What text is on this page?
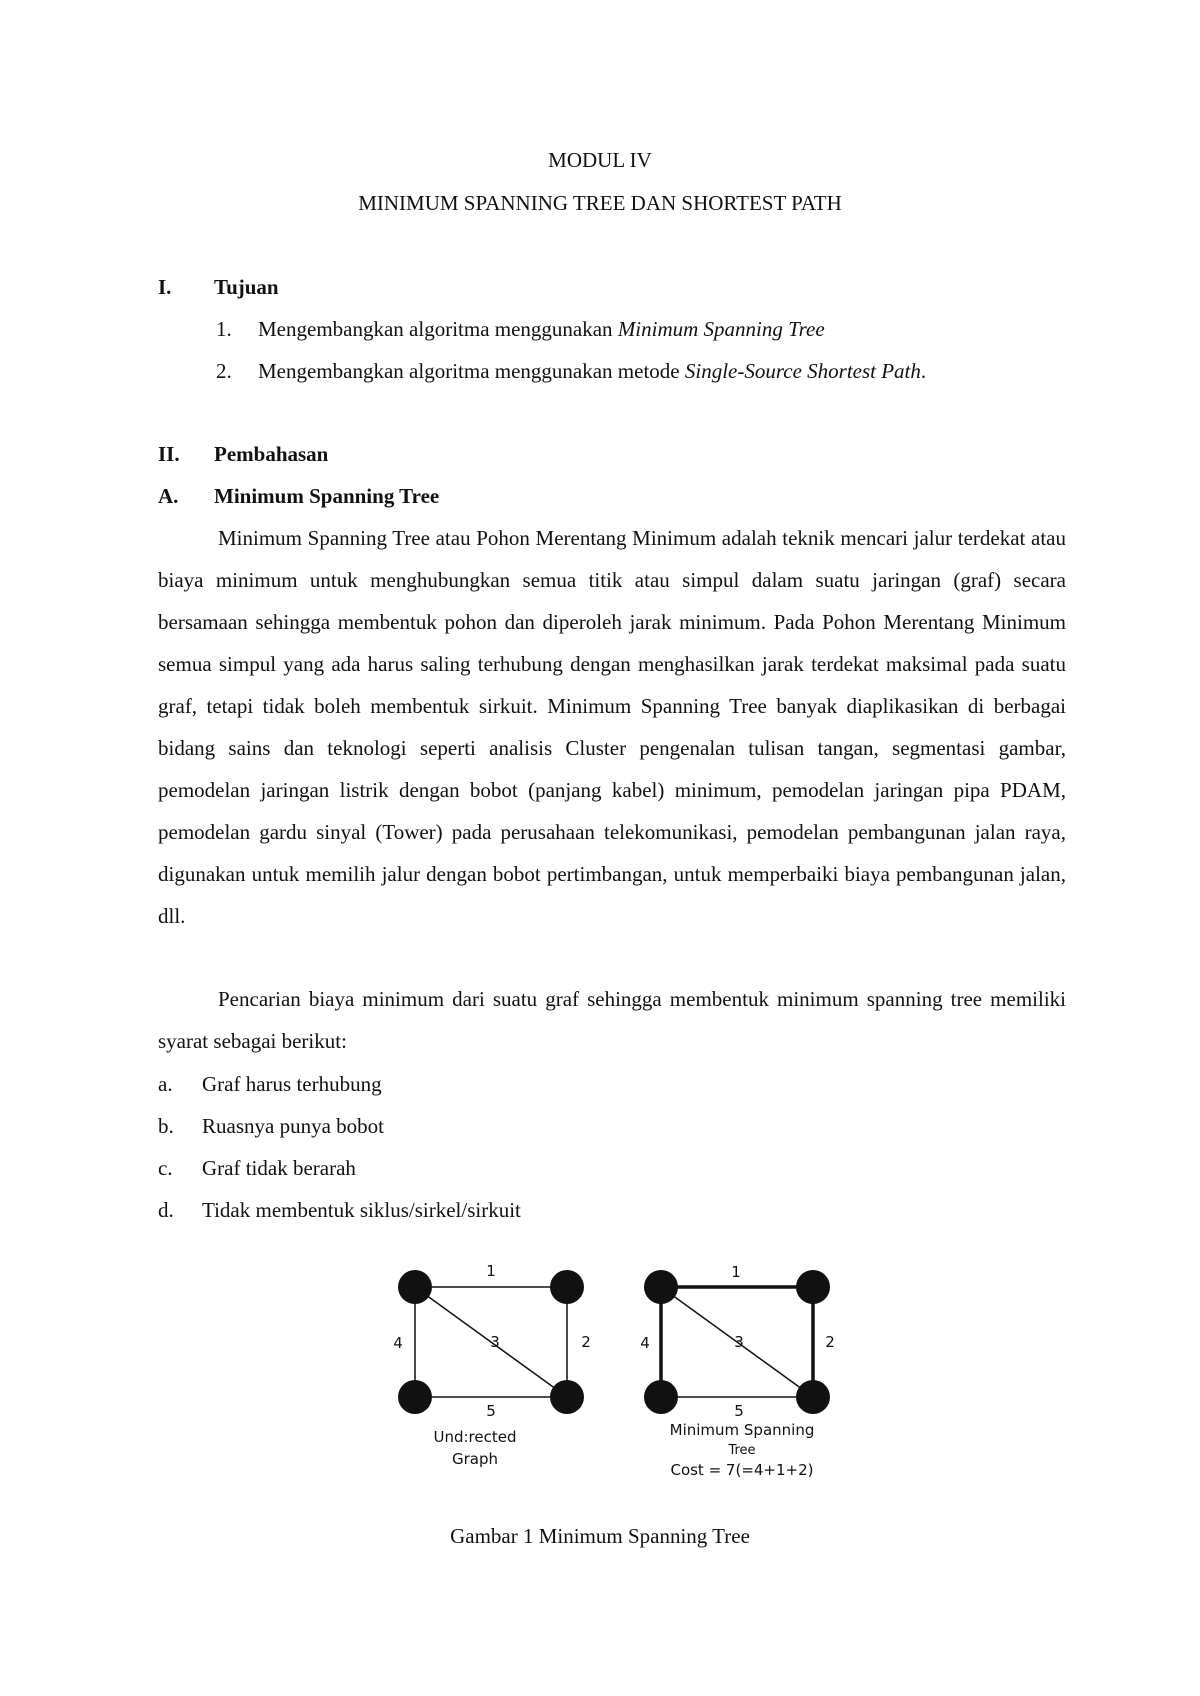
MODUL IV
MINIMUM SPANNING TREE DAN SHORTEST PATH
I. Tujuan
1. Mengembangkan algoritma menggunakan Minimum Spanning Tree
2. Mengembangkan algoritma menggunakan metode Single-Source Shortest Path.
II. Pembahasan
A. Minimum Spanning Tree

Minimum Spanning Tree atau Pohon Merentang Minimum adalah teknik mencari jalur terdekat atau biaya minimum untuk menghubungkan semua titik atau simpul dalam suatu jaringan (graf) secara bersamaan sehingga membentuk pohon dan diperoleh jarak minimum. Pada Pohon Merentang Minimum semua simpul yang ada harus saling terhubung dengan menghasilkan jarak terdekat maksimal pada suatu graf, tetapi tidak boleh membentuk sirkuit. Minimum Spanning Tree banyak diaplikasikan di berbagai bidang sains dan teknologi seperti analisis Cluster pengenalan tulisan tangan, segmentasi gambar, pemodelan jaringan listrik dengan bobot (panjang kabel) minimum, pemodelan jaringan pipa PDAM, pemodelan gardu sinyal (Tower) pada perusahaan telekomunikasi, pemodelan pembangunan jalan raya, digunakan untuk memilih jalur dengan bobot pertimbangan, untuk memperbaiki biaya pembangunan jalan, dll.

Pencarian biaya minimum dari suatu graf sehingga membentuk minimum spanning tree memiliki syarat sebagai berikut:

a. Graf harus terhubung
b. Ruasnya punya bobot
c. Graf tidak berarah
d. Tidak membentuk siklus/sirkel/sirkuit
1
4	3	2
5
Und:rected
Graph
1
4	3	2
5
Minimum Spanning
Tree
Cost = 7(=4+1+2)
Gambar 1 Minimum Spanning Tree
